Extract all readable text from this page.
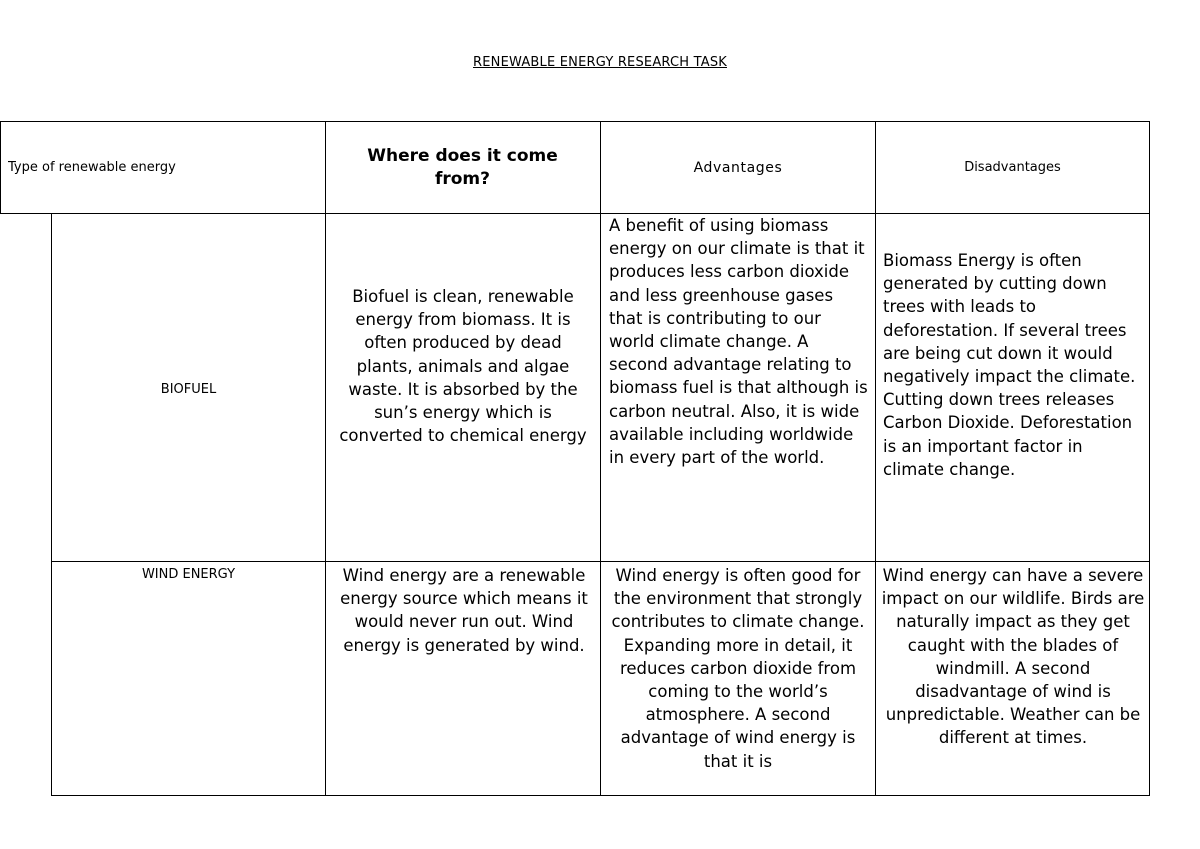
RENEWABLE ENERGY RESEARCH TASK
Type of renewable energy
Where does it come from?
Advantages	Disadvantages
BIOFUEL
Biofuel is clean, renewable energy from biomass. It is often produced by dead plants, animals and algae waste. It is absorbed by the sun’s energy which is converted to chemical energy
A benefit of using biomass energy on our climate is that it produces less carbon dioxide and less greenhouse gases that is contributing to our world climate change. A second advantage relating to biomass fuel is that although is carbon neutral. Also, it is wide available including worldwide in every part of the world.
Biomass Energy is often generated by cutting down trees with leads to deforestation. If several trees are being cut down it would negatively impact the climate. Cutting down trees releases Carbon Dioxide. Deforestation is an important factor in climate change.
WIND ENERGY	Wind energy are a renewable energy source which means it would never run out. Wind energy is generated by wind.
Wind energy is often good for the environment that strongly contributes to climate change. Expanding more in detail, it reduces carbon dioxide from coming to the world’s atmosphere. A second advantage of wind energy is that it is
Wind energy can have a severe impact on our wildlife. Birds are naturally impact as they get caught with the blades of windmill. A second disadvantage of wind is unpredictable. Weather can be different at times.
